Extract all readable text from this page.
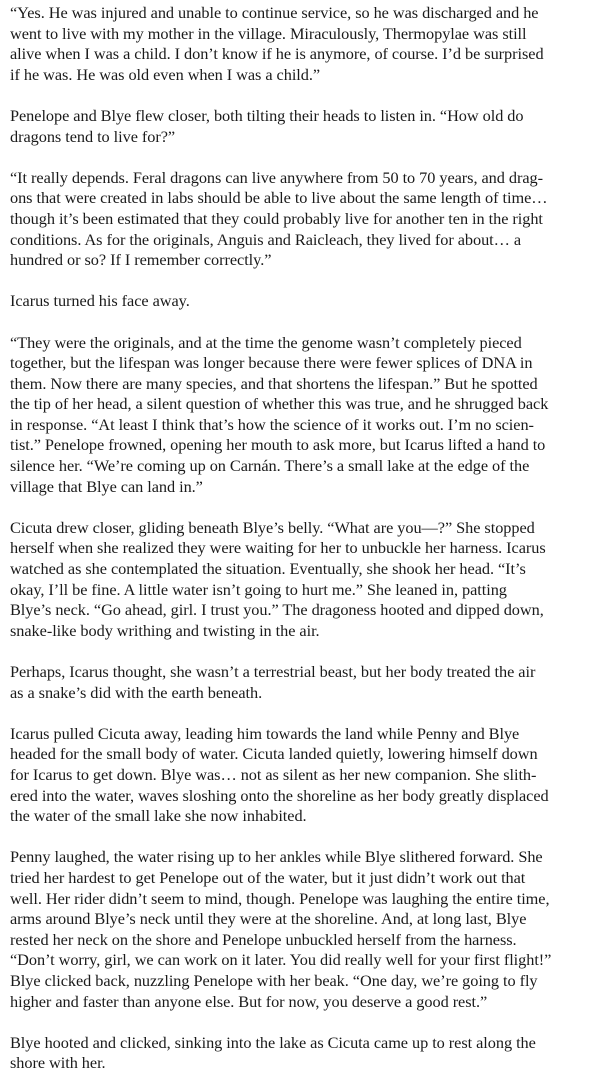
“Yes. He was injured and unable to continue service, so he was discharged and he
went to live with my mother in the village. Miraculously, Thermopylae was still
alive when I was a child. I don’t know if he is anymore, of course. I’d be surprised
if he was. He was old even when I was a child.”

Penelope and Blye flew closer, both tilting their heads to listen in. “How old do
dragons tend to live for?”

“It really depends. Feral dragons can live anywhere from 50 to 70 years, and drag-
ons that were created in labs should be able to live about the same length of time…
though it’s been estimated that they could probably live for another ten in the right
conditions. As for the originals, Anguis and Raicleach, they lived for about… a
hundred or so? If I remember correctly.”

Icarus turned his face away.

“They were the originals, and at the time the genome wasn’t completely pieced
together, but the lifespan was longer because there were fewer splices of DNA in
them. Now there are many species, and that shortens the lifespan.” But he spotted
the tip of her head, a silent question of whether this was true, and he shrugged back
in response. “At least I think that’s how the science of it works out. I’m no scien-
tist.” Penelope frowned, opening her mouth to ask more, but Icarus lifted a hand to
silence her. “We’re coming up on Carnán. There’s a small lake at the edge of the
village that Blye can land in.”

Cicuta drew closer, gliding beneath Blye’s belly. “What are you—?” She stopped
herself when she realized they were waiting for her to unbuckle her harness. Icarus
watched as she contemplated the situation. Eventually, she shook her head. “It’s
okay, I’ll be fine. A little water isn’t going to hurt me.” She leaned in, patting
Blye’s neck. “Go ahead, girl. I trust you.” The dragoness hooted and dipped down,
snake-like body writhing and twisting in the air.

Perhaps, Icarus thought, she wasn’t a terrestrial beast, but her body treated the air
as a snake’s did with the earth beneath.

Icarus pulled Cicuta away, leading him towards the land while Penny and Blye
headed for the small body of water. Cicuta landed quietly, lowering himself down
for Icarus to get down. Blye was… not as silent as her new companion. She slith-
ered into the water, waves sloshing onto the shoreline as her body greatly displaced
the water of the small lake she now inhabited.

Penny laughed, the water rising up to her ankles while Blye slithered forward. She
tried her hardest to get Penelope out of the water, but it just didn’t work out that
well. Her rider didn’t seem to mind, though. Penelope was laughing the entire time,
arms around Blye’s neck until they were at the shoreline. And, at long last, Blye
rested her neck on the shore and Penelope unbuckled herself from the harness.
“Don’t worry, girl, we can work on it later. You did really well for your first flight!”
Blye clicked back, nuzzling Penelope with her beak. “One day, we’re going to fly
higher and faster than anyone else. But for now, you deserve a good rest.”

Blye hooted and clicked, sinking into the lake as Cicuta came up to rest along the
shore with her.
